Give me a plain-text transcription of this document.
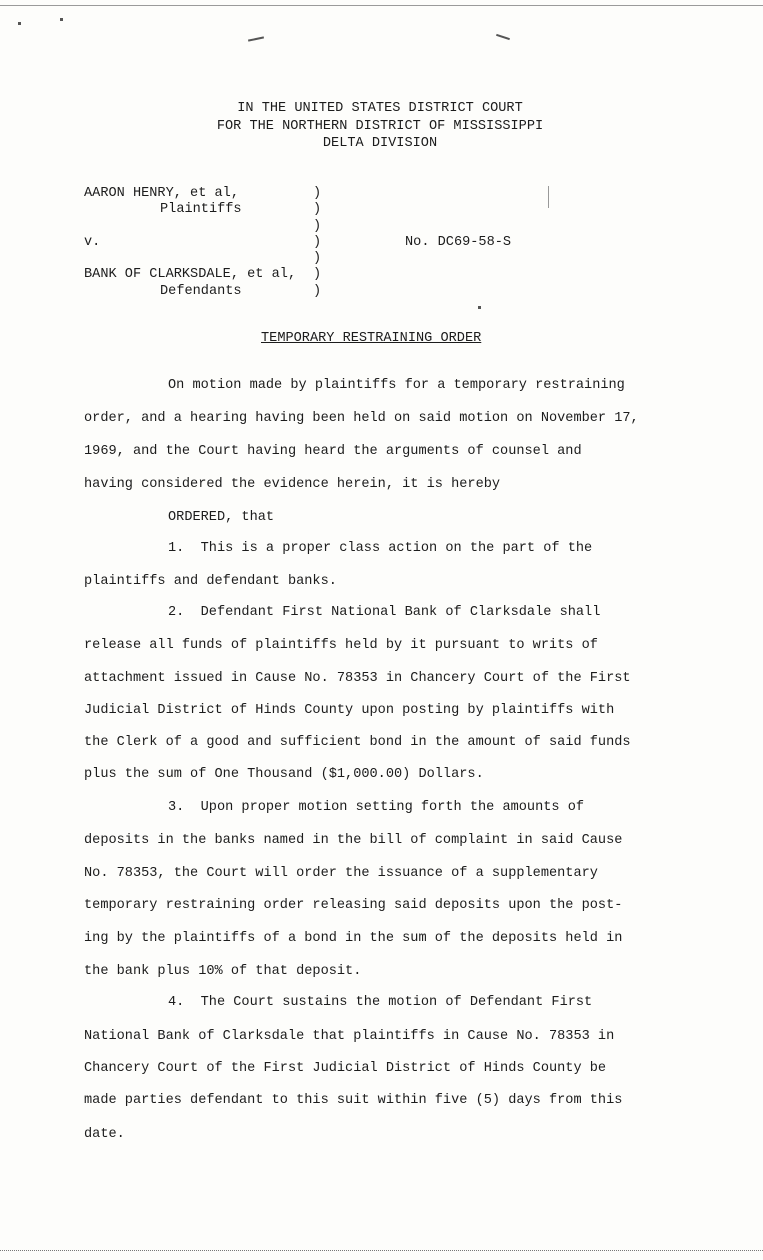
IN THE UNITED STATES DISTRICT COURT
FOR THE NORTHERN DISTRICT OF MISSISSIPPI
DELTA DIVISION
AARON HENRY, et al,
Plaintiffs
v.
BANK OF CLARKSDALE, et al,
Defendants
)
)
)
)
)
)
)
No. DC69-58-S
TEMPORARY RESTRAINING ORDER
On motion made by plaintiffs for a temporary restraining
order, and a hearing having been held on said motion on November 17,
1969, and the Court having heard the arguments of counsel and
having considered the evidence herein, it is hereby
ORDERED, that
1.  This is a proper class action on the part of the
plaintiffs and defendant banks.
2.  Defendant First National Bank of Clarksdale shall
release all funds of plaintiffs held by it pursuant to writs of
attachment issued in Cause No. 78353 in Chancery Court of the First
Judicial District of Hinds County upon posting by plaintiffs with
the Clerk of a good and sufficient bond in the amount of said funds
plus the sum of One Thousand ($1,000.00) Dollars.
3.  Upon proper motion setting forth the amounts of
deposits in the banks named in the bill of complaint in said Cause
No. 78353, the Court will order the issuance of a supplementary
temporary restraining order releasing said deposits upon the post-
ing by the plaintiffs of a bond in the sum of the deposits held in
the bank plus 10% of that deposit.
4.  The Court sustains the motion of Defendant First
National Bank of Clarksdale that plaintiffs in Cause No. 78353 in
Chancery Court of the First Judicial District of Hinds County be
made parties defendant to this suit within five (5) days from this
date.
